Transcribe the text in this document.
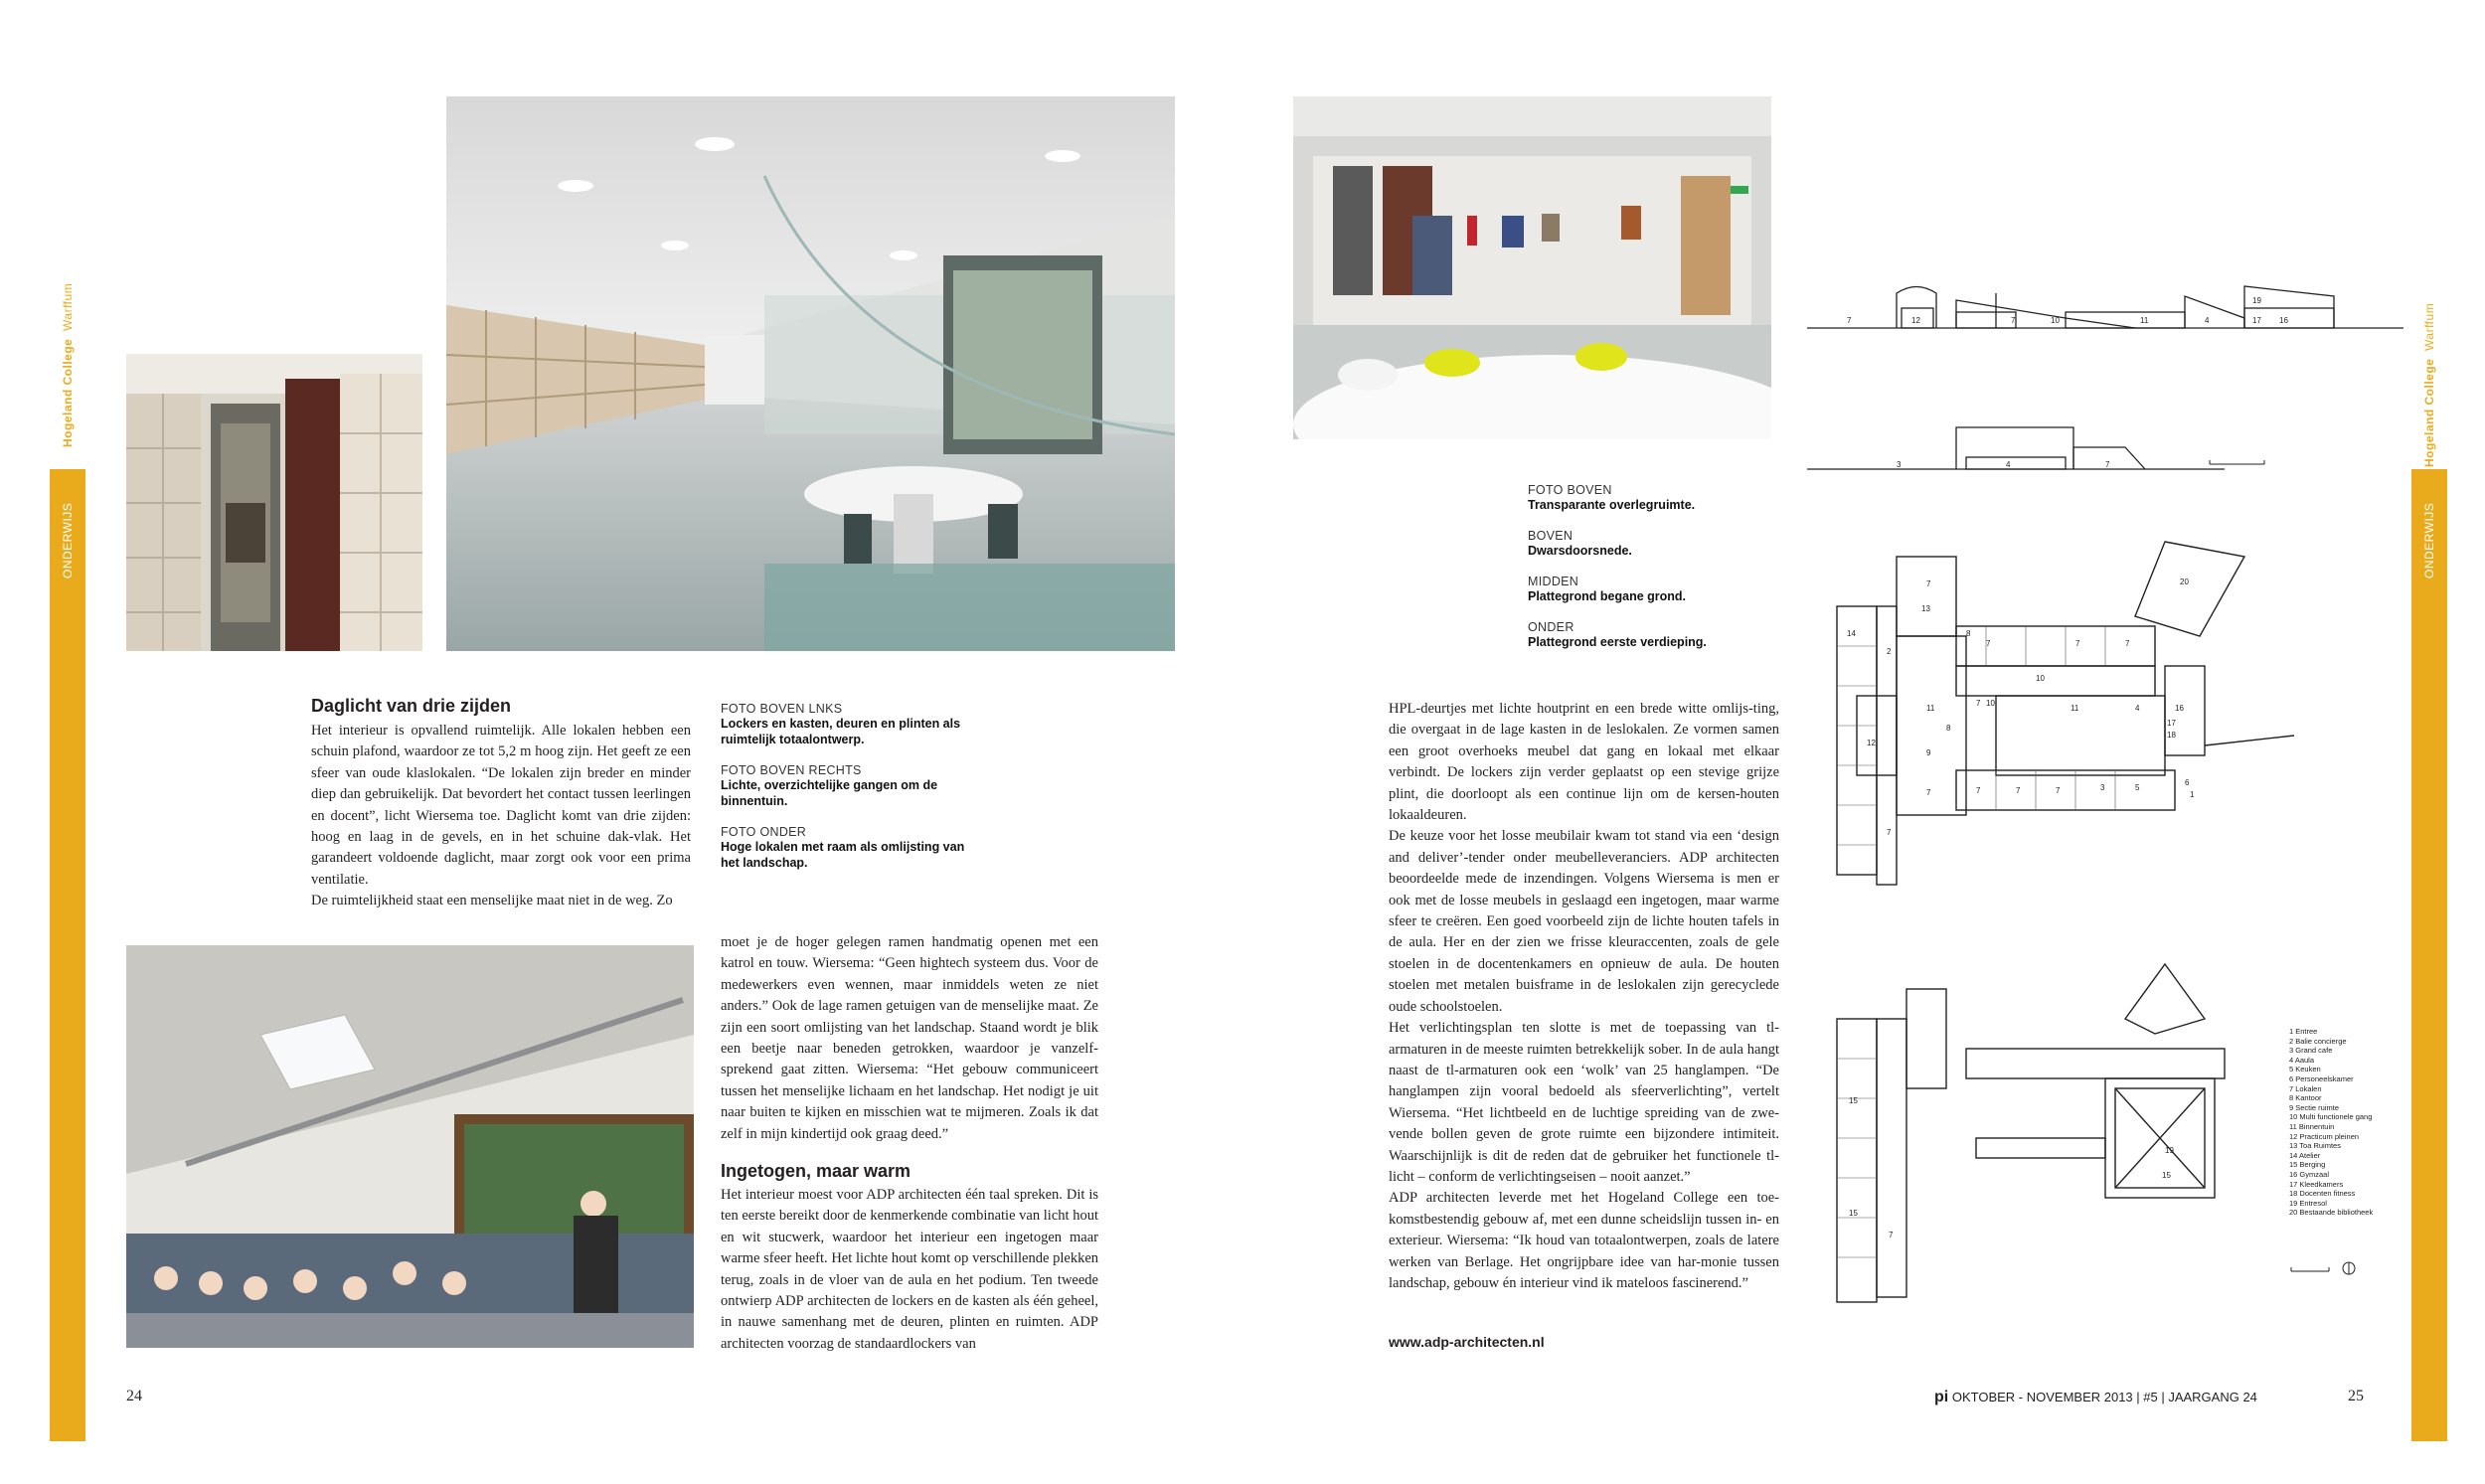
Hogeland College  Warffum
ONDERWIJS
Hogeland College  Warffum
ONDERWIJS
FOTO BOVEN
Transparante overlegruimte.
BOVEN
Dwarsdoorsnede.
MIDDEN
Plattegrond begane grond.
ONDER
Plattegrond eerste verdieping.
Daglicht van drie zijden

Het interieur is opvallend ruimtelijk. Alle lokalen hebben een schuin plafond, waardoor ze tot 5,2 m hoog zijn. Het geeft ze een sfeer van oude klaslokalen. “De lokalen zijn breder en minder diep dan gebruikelijk. Dat bevordert het contact tussen leerlingen en docent”, licht Wiersema toe. Daglicht komt van drie zijden: hoog en laag in de gevels, en in het schuine dak-vlak. Het garandeert voldoende daglicht, maar zorgt ook voor een prima ventilatie.

De ruimtelijkheid staat een menselijke maat niet in de weg. Zo

FOTO BOVEN LNKS
Lockers en kasten, deuren en plinten als ruimtelijk totaalontwerp.
FOTO BOVEN RECHTS
Lichte, overzichtelijke gangen om de binnentuin.
FOTO ONDER
Hoge lokalen met raam als omlijsting van het landschap.

moet je de hoger gelegen ramen handmatig openen met een katrol en touw. Wiersema: “Geen hightech systeem dus. Voor de medewerkers even wennen, maar inmiddels weten ze niet anders.” Ook de lage ramen getuigen van de menselijke maat. Ze zijn een soort omlijsting van het landschap. Staand wordt je blik een beetje naar beneden getrokken, waardoor je vanzelf-sprekend gaat zitten. Wiersema: “Het gebouw communiceert tussen het menselijke lichaam en het landschap. Het nodigt je uit naar buiten te kijken en misschien wat te mijmeren. Zoals ik dat zelf in mijn kindertijd ook graag deed.”

Ingetogen, maar warm

Het interieur moest voor ADP architecten één taal spreken. Dit is ten eerste bereikt door de kenmerkende combinatie van licht hout en wit stucwerk, waardoor het interieur een ingetogen maar warme sfeer heeft. Het lichte hout komt op verschillende plekken terug, zoals in de vloer van de aula en het podium. Ten tweede ontwierp ADP architecten de lockers en de kasten als één geheel, in nauwe samenhang met de deuren, plinten en ruimten. ADP architecten voorzag de standaardlockers van

HPL-deurtjes met lichte houtprint en een brede witte omlijs-ting, die overgaat in de lage kasten in de leslokalen. Ze vormen samen een groot overhoeks meubel dat gang en lokaal met elkaar verbindt. De lockers zijn verder geplaatst op een stevige grijze plint, die doorloopt als een continue lijn om de kersen-houten lokaaldeuren.

De keuze voor het losse meubilair kwam tot stand via een ‘design and deliver’-tender onder meubelleveranciers. ADP architecten beoordeelde mede de inzendingen. Volgens Wiersema is men er ook met de losse meubels in geslaagd een ingetogen, maar warme sfeer te creëren. Een goed voorbeeld zijn de lichte houten tafels in de aula. Her en der zien we frisse kleuraccenten, zoals de gele stoelen in de docentenkamers en opnieuw de aula. De houten stoelen met metalen buisframe in de leslokalen zijn gerecyclede oude schoolstoelen.

Het verlichtingsplan ten slotte is met de toepassing van tl-armaturen in de meeste ruimten betrekkelijk sober. In de aula hangt naast de tl-armaturen ook een ‘wolk’ van 25 hanglampen. “De hanglampen zijn vooral bedoeld als sfeerverlichting”, vertelt Wiersema. “Het lichtbeeld en de luchtige spreiding van de zwe-vende bollen geven de grote ruimte een bijzondere intimiteit. Waarschijnlijk is dit de reden dat de gebruiker het functionele tl-licht – conform de verlichtingseisen – nooit aanzet.”

ADP architecten leverde met het Hogeland College een toe-komstbestendig gebouw af, met een dunne scheidslijn tussen in- en exterieur. Wiersema: “Ik houd van totaalontwerpen, zoals de latere werken van Berlage. Het ongrijpbare idee van har-monie tussen landschap, gebouw én interieur vind ik mateloos fascinerend.”

www.adp-architecten.nl
7	12	7	10	11	4
19
17 16
3	4	7
20
7
13
14
7	7	7
8
2
10
7
11
10
11	4	16
17
18
8
12
9
5
3
6
1
7	7	7	7
7
15
15
19
15
7
1 Entree
2 Balie concierge
3 Grand cafe
4 Aaula
5 Keuken
6 Personeelskamer
7 Lokalen
8 Kantoor
9 Sectie ruimte
10 Multi functionele gang
11 Binnentuin
12 Practicum pleinen
13 Toa Ruimtes
14 Atelier
15 Berging
16 Gymzaal
17 Kleedkamers
18 Docenten fitness
19 Entresol
20 Bestaande bibliotheek
24	25
pi OKTOBER - NOVEMBER 2013 | #5 | JAARGANG 24
